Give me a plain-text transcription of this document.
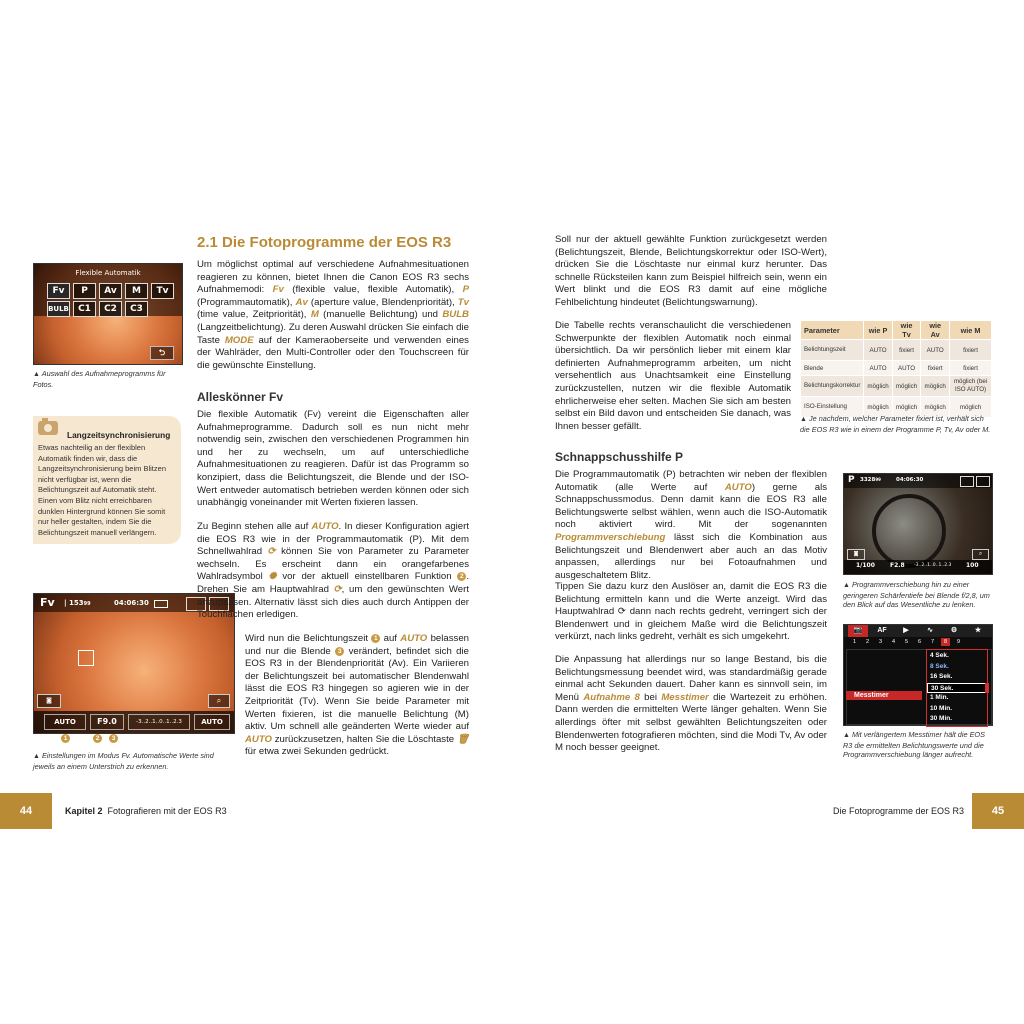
Flexible Automatik
Fv P Av M Tv
BULB C1 C2 C3
⮌
▲ Auswahl des Aufnahmeprogramms für Fotos.
Langzeitsynchronisierung
Etwas nachteilig an der flexiblen Automatik finden wir, dass die Langzeitsynchronisierung beim Blitzen nicht verfügbar ist, wenn die Belichtungszeit auf Automatik steht. Einen vom Blitz nicht erreichbaren dunklen Hintergrund können Sie somit nur heller gestalten, indem Sie die Belichtungszeit manuell verlängern.
Fv | 15399	04:06:30
◙	⌕
AUTO	F9.0	-3..2..1..0..1..2.3	AUTO
1	2	3
▲ Einstellungen im Modus Fv. Automatische Werte sind jeweils an einem Unterstrich zu erkennen.
2.1 Die Fotoprogramme der EOS R3

Um möglichst optimal auf verschiedene Aufnahmesituationen reagieren zu können, bietet Ihnen die Canon EOS R3 sechs Aufnahmemodi: Fv (flexible value, flexible Automatik), P (Programmautomatik), Av (aperture value, Blendenpriorität), Tv (time value, Zeitpriorität), M (manuelle Belichtung) und BULB (Langzeitbelichtung). Zu deren Auswahl drücken Sie einfach die Taste MODE auf der Kameraoberseite und verwenden eines der Wahlräder, den Multi-Controller oder den Touchscreen für die gewünschte Einstellung.

Alleskönner Fv

Die flexible Automatik (Fv) vereint die Eigenschaften aller Aufnahmeprogramme. Dadurch soll es nun nicht mehr notwendig sein, zwischen den verschiedenen Programmen hin und her zu wechseln, um auf unterschiedliche Aufnahmesituationen zu reagieren. Dafür ist das Programm so konzipiert, dass die Belichtungszeit, die Blende und der ISO-Wert entweder automatisch betrieben werden können oder sich unabhängig voneinander mit Werten fixieren lassen.

Zu Beginn stehen alle auf AUTO. In dieser Konfiguration agiert die EOS R3 wie in der Programmautomatik (P). Mit dem Schnellwahlrad ⟳ können Sie von Parameter zu Parameter wechseln. Es erscheint dann ein orangefarbenes Wahlradsymbol ✺ vor der aktuell einstellbaren Funktion 2 . Drehen Sie am Hauptwahlrad ⟳, um den gewünschten Wert anzupassen. Alternativ lässt sich dies auch durch Antippen der Touchflächen erledigen.

Wird nun die Belichtungszeit 1 auf AUTO belassen und nur die Blende 3 verändert, befindet sich die EOS R3 in der Blendenpriorität (Av). Ein Variieren der Belichtungszeit bei automatischer Blendenwahl lässt die EOS R3 hingegen so agieren wie in der Zeitpriorität (Tv). Wenn Sie beide Parameter mit Werten fixieren, ist die manuelle Belichtung (M) aktiv. Um schnell alle geänderten Werte wieder auf AUTO zurückzusetzen, halten Sie die Löschtaste 🗑 für etwa zwei Sekunden gedrückt.

44	Kapitel 2 Fotografieren mit der EOS R3

Soll nur der aktuell gewählte Funktion zurückgesetzt werden (Belichtungszeit, Blende, Belichtungskorrektur oder ISO-Wert), drücken Sie die Löschtaste nur einmal kurz herunter. Das schnelle Rücksteilen kann zum Beispiel hilfreich sein, wenn ein Wert blinkt und die EOS R3 damit auf eine mögliche Fehlbelichtung hindeutet (Belichtungswarnung).

Die Tabelle rechts veranschaulicht die verschiedenen Schwerpunkte der flexiblen Automatik noch einmal übersichtlich. Da wir persönlich lieber mit einem klar definierten Aufnahmeprogramm arbeiten, um nicht versehentlich aus Unachtsamkeit eine Einstellung zurückzustellen, nutzen wir die flexible Automatik ehrlicherweise eher selten. Machen Sie sich am besten selbst ein Bild davon und entscheiden Sie danach, was Ihnen besser gefällt.

Parameter	wie P	wie Tv	wie Av	wie M
Belichtungszeit	AUTO	fixiert	AUTO	fixiert
Blende	AUTO	AUTO	fixiert	fixiert
Belichtungskorrektur	möglich	möglich	möglich	möglich (bei ISO AUTO)
ISO-Einstellung	möglich	möglich	möglich	möglich
▲ Je nachdem, welcher Parameter fixiert ist, verhält sich die EOS R3 wie in einem der Programme P, Tv, Av oder M.
Schnappschusshilfe P

Die Programmautomatik (P) betrachten wir neben der flexiblen Automatik (alle Werte auf AUTO) gerne als Schnappschussmodus. Denn damit kann die EOS R3 alle Belichtungswerte selbst wählen, wenn auch die ISO-Automatik noch aktiviert wird. Mit der sogenannten Programmverschiebung lässt sich die Kombination aus Belichtungszeit und Blendenwert aber auch an das Motiv anpassen, allerdings nur bei Fotoaufnahmen und ausgeschaltetem Blitz.

Tippen Sie dazu kurz den Auslöser an, damit die EOS R3 die Belichtung ermitteln kann und die Werte anzeigt. Wird das Hauptwahlrad ⟳ dann nach rechts gedreht, verringert sich der Blendenwert und in gleichem Maße wird die Belichtungszeit verkürzt, nach links gedreht, verhält es sich umgekehrt.

Die Anpassung hat allerdings nur so lange Bestand, bis die Belichtungsmessung beendet wird, was standardmäßig gerade einmal acht Sekunden dauert. Daher kann es sinnvoll sein, im Menü Aufnahme 8 bei Messtimer die Wartezeit zu erhöhen. Dann werden die ermittelten Werte länger gehalten. Wenn Sie allerdings öfter mit selbst gewählten Belichtungszeiten oder Blendenwerten fotografieren möchten, sind die Modi Tv, Av oder M noch besser geeignet.

P 332899	04:06:30
◙	⌕
1/100	F2.8 -3..2..1..0..1..2.3 100
▲ Programmverschiebung hin zu einer geringeren Schärfentiefe bei Blende f/2,8, um den Blick auf das Wesentliche zu lenken.
📷	AF	▶	∿	⚙	★
1	2	3	4	5	6	7	8	9
Messtimer
4 Sek.
8 Sek.
16 Sek.
30 Sek.
1 Min.
10 Min.
30 Min.
▲ Mit verlängertem Messtimer hält die EOS R3 die ermittelten Belichtungswerte und die Programmverschiebung länger aufrecht.
Die Fotoprogramme der EOS R3	45
